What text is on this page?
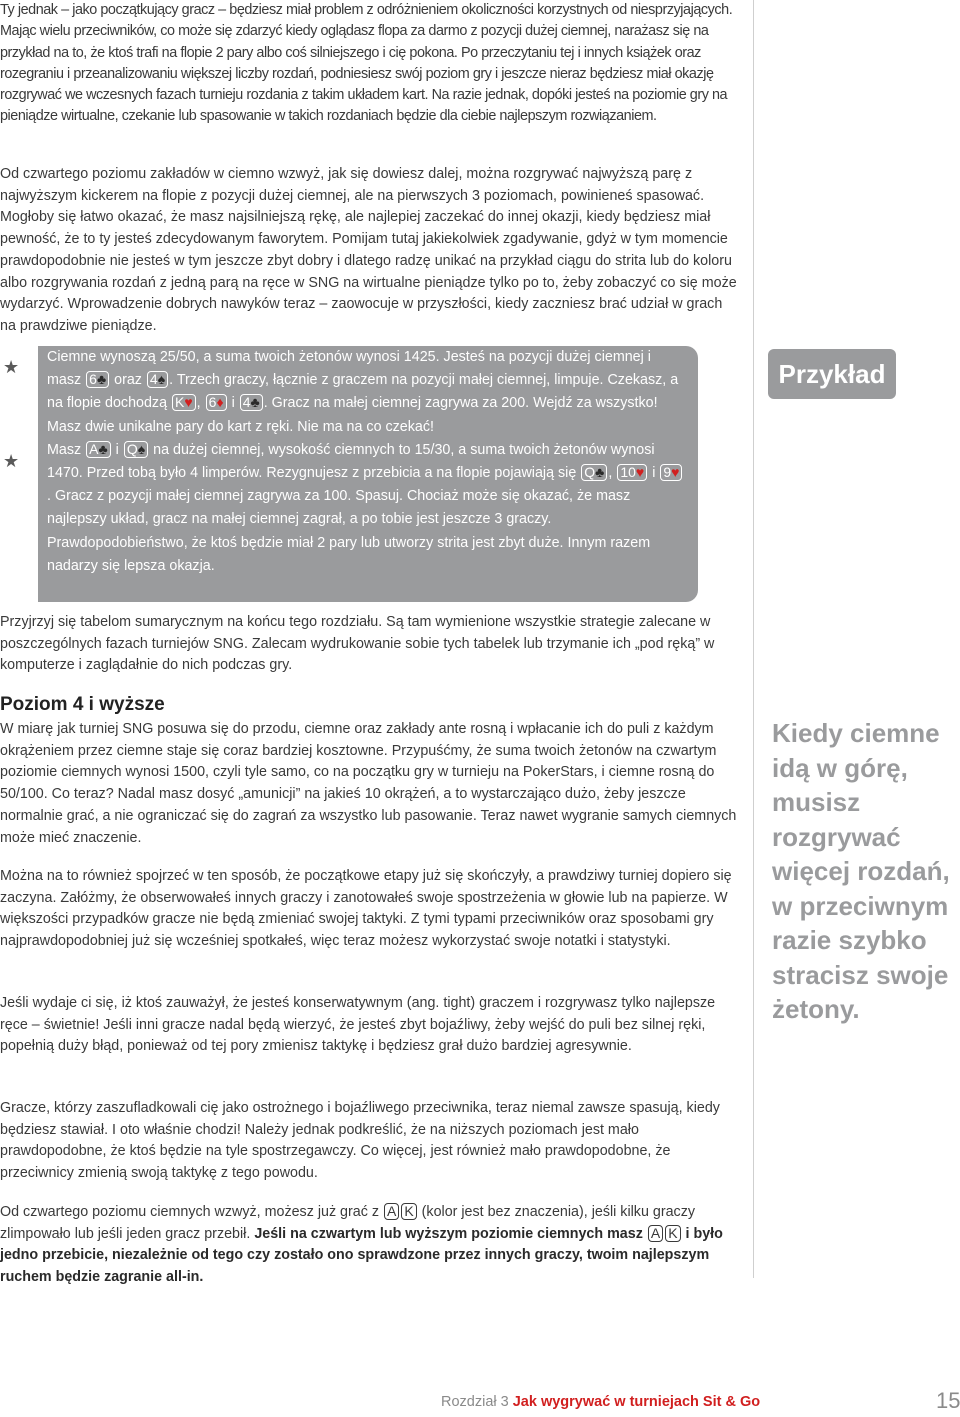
Ty jednak – jako początkujący gracz – będziesz miał problem z odróżnieniem okoliczności korzystnych od niesprzyjających. Mając wielu przeciwników, co może się zdarzyć kiedy oglądasz flopa za darmo z pozycji dużej ciemnej, narażasz się na przykład na to, że ktoś trafi na flopie 2 pary albo coś silniejszego i cię pokona. Po przeczytaniu tej i innych książek oraz rozegraniu i przeanalizowaniu większej liczby rozdań, podniesiesz swój poziom gry i jeszcze nieraz będziesz miał okazję rozgrywać we wczesnych fazach turnieju rozdania z takim układem kart. Na razie jednak, dopóki jesteś na poziomie gry na pieniądze wirtualne, czekanie lub spasowanie w takich rozdaniach będzie dla ciebie najlepszym rozwiązaniem.

Od czwartego poziomu zakładów w ciemno wzwyż, jak się dowiesz dalej, można rozgrywać najwyższą parę z najwyższym kickerem na flopie z pozycji dużej ciemnej, ale na pierwszych 3 poziomach, powinieneś spasować. Mogłoby się łatwo okazać, że masz najsilniejszą rękę, ale najlepiej zaczekać do innej okazji, kiedy będziesz miał pewność, że to ty jesteś zdecydowanym faworytem. Pomijam tutaj jakiekolwiek zgadywanie, gdyż w tym momencie prawdopodobnie nie jesteś w tym jeszcze zbyt dobry i dlatego radzę unikać na przykład ciągu do strita lub do koloru albo rozgrywania rozdań z jedną parą na ręce w SNG na wirtualne pieniądze tylko po to, żeby zobaczyć co się może wydarzyć. Wprowadzenie dobrych nawyków teraz – zaowocuje w przyszłości, kiedy zaczniesz brać udział w grach na prawdziwe pieniądze.

★
★

Ciemne wynoszą 25/50, a suma twoich żetonów wynosi 1425. Jesteś na pozycji dużej ciemnej i masz 6♣ oraz 4♠ . Trzech graczy, łącznie z graczem na pozycji małej ciemnej, limpuje. Czekasz, a na flopie dochodzą K♥ , 6♦ i 4♣ . Gracz na małej ciemnej zagrywa za 200. Wejdź za wszystko! Masz dwie unikalne pary do kart z ręki. Nie ma na co czekać!

Masz A♣ i Q♠ na dużej ciemnej, wysokość ciemnych to 15/30, a suma twoich żetonów wynosi 1470. Przed tobą było 4 limperów. Rezygnujesz z przebicia a na flopie pojawiają się Q♣ , 10♥ i 9♥. Gracz z pozycji małej ciemnej zagrywa za 100. Spasuj. Chociaż może się okazać, że masz najlepszy układ, gracz na małej ciemnej zagrał, a po tobie jest jeszcze 3 graczy. Prawdopodobieństwo, że ktoś będzie miał 2 pary lub utworzy strita jest zbyt duże. Innym razem nadarzy się lepsza okazja.

Przykład

Przyjrzyj się tabelom sumarycznym na końcu tego rozdziału. Są tam wymienione wszystkie strategie zalecane w poszczególnych fazach turniejów SNG. Zalecam wydrukowanie sobie tych tabelek lub trzymanie ich „pod ręką” w komputerze i zaglądałnie do nich podczas gry.

Poziom 4 i wyższe

W miarę jak turniej SNG posuwa się do przodu, ciemne oraz zakłady ante rosną i wpłacanie ich do puli z każdym okrążeniem przez ciemne staje się coraz bardziej kosztowne. Przypuśćmy, że suma twoich żetonów na czwartym poziomie ciemnych wynosi 1500, czyli tyle samo, co na początku gry w turnieju na PokerStars, i ciemne rosną do 50/100. Co teraz? Nadal masz dosyć „amunicji” na jakieś 10 okrążeń, a to wystarczająco dużo, żeby jeszcze normalnie grać, a nie ograniczać się do zagrań za wszystko lub pasowanie. Teraz nawet wygranie samych ciemnych może mieć znaczenie.

Można na to również spojrzeć w ten sposób, że początkowe etapy już się skończyły, a prawdziwy turniej dopiero się zaczyna. Załóżmy, że obserwowałeś innych graczy i zanotowałeś swoje spostrzeżenia w głowie lub na papierze. W większości przypadków gracze nie będą zmieniać swojej taktyki. Z tymi typami przeciwników oraz sposobami gry najprawdopodobniej już się wcześniej spotkałeś, więc teraz możesz wykorzystać swoje notatki i statystyki.

Jeśli wydaje ci się, iż ktoś zauważył, że jesteś konserwatywnym (ang. tight) graczem i rozgrywasz tylko najlepsze ręce – świetnie! Jeśli inni gracze nadal będą wierzyć, że jesteś zbyt bojaźliwy, żeby wejść do puli bez silnej ręki, popełnią duży błąd, ponieważ od tej pory zmienisz taktykę i będziesz grał dużo bardziej agresywnie.

Gracze, którzy zaszufladkowali cię jako ostrożnego i bojaźliwego przeciwnika, teraz niemal zawsze spasują, kiedy będziesz stawiał. I oto właśnie chodzi! Należy jednak podkreślić, że na niższych poziomach jest mało prawdopodobne, że ktoś będzie na tyle spostrzegawczy. Co więcej, jest również mało prawdopodobne, że przeciwnicy zmienią swoją taktykę z tego powodu.

Od czwartego poziomu ciemnych wzwyż, możesz już grać z A K (kolor jest bez znaczenia), jeśli kilku graczy zlimpowało lub jeśli jeden gracz przebił. Jeśli na czwartym lub wyższym poziomie ciemnych masz A K i było jedno przebicie, niezależnie od tego czy zostało ono sprawdzone przez innych graczy, twoim najlepszym ruchem będzie zagranie all-in.

Kiedy ciemne idą w górę, musisz rozgrywać więcej rozdań, w przeciwnym razie szybko stracisz swoje żetony.
Rozdział 3 Jak wygrywać w turniejach Sit & Go	15
